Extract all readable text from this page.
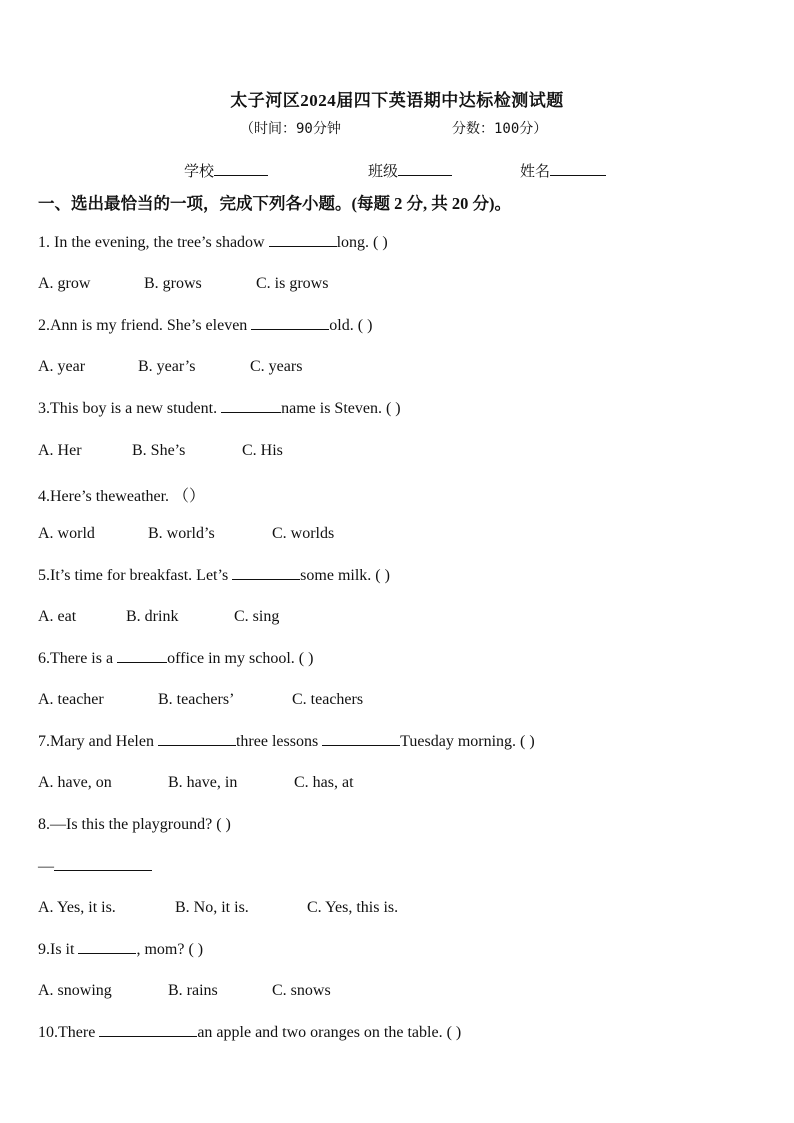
太子河区2024届四下英语期中达标检测试题
（时间：90分钟	分数：100分）
学校	班级	姓名
一、选出最恰当的一项，完成下列各小题。(每题 2 分, 共 20 分)。
1. In the evening, the tree’s shadow	long. ( )
A. grow	B. grows	C. is grows
2.Ann is my friend. She’s eleven	old. ( )
A. year	B. year’s	C. years
3.This boy is a new student.	name is Steven. ( )
A. Her	B. She’s	C. His
4.Here’s theweather. （）
A. world	B. world’s	C. worlds
5.It’s time for breakfast. Let’s	some milk. ( )
A. eat	B. drink	C. sing
6.There is a	office in my school. ( )
A. teacher	B. teachers’	C. teachers
7.Mary and Helen	three lessons	Tuesday morning. ( )
A. have, on	B. have, in	C. has, at
8.—Is this the playground? ( )
—
A. Yes, it is.	B. No, it is.	C. Yes, this is.
9.Is it	, mom? ( )
A. snowing	B. rains	C. snows
10.There	an apple and two oranges on the table. ( )
